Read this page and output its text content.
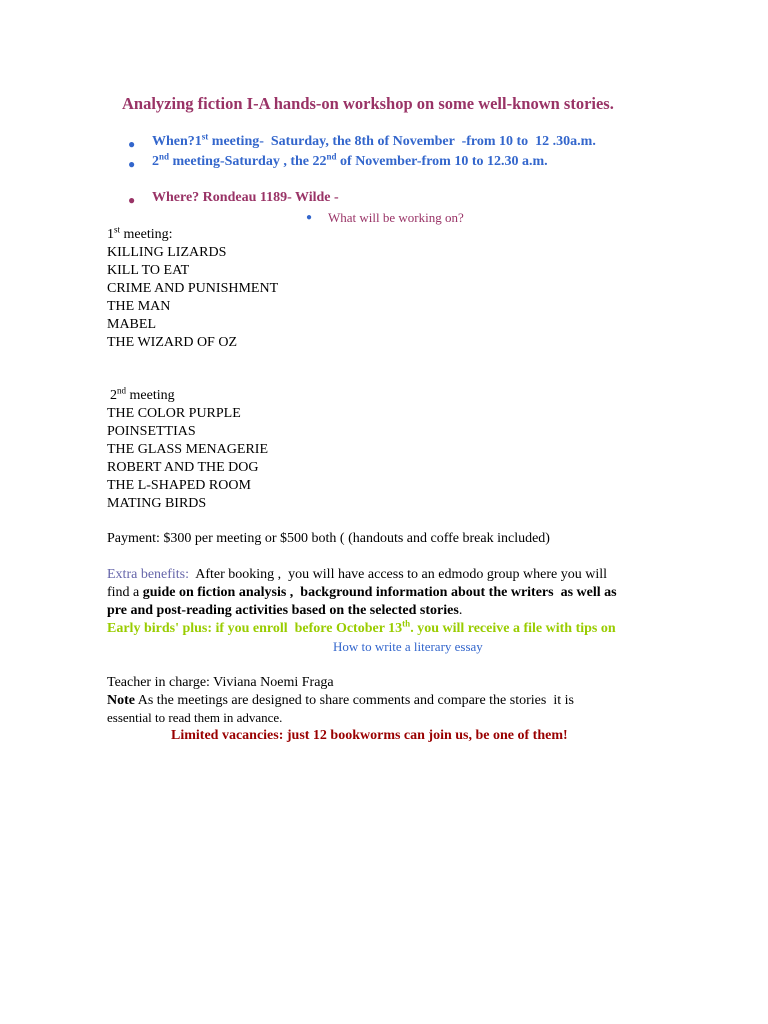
Analyzing fiction I-A hands-on workshop on some well-known stories.
● When?1st meeting-  Saturday, the 8th of November  -from 10 to  12 .30a.m.
● 2nd meeting-Saturday , the 22nd of November-from 10 to 12.30 a.m.
● Where? Rondeau 1189- Wilde -
● What will be working on?
1st meeting:
KILLING LIZARDS
KILL TO EAT
CRIME AND PUNISHMENT
THE MAN
MABEL
THE WIZARD OF OZ
2nd meeting
THE COLOR PURPLE
POINSETTIAS
THE GLASS MENAGERIE
ROBERT AND THE DOG
THE L-SHAPED ROOM
MATING BIRDS
Payment: $300 per meeting or $500 both ( (handouts and coffe break included)
Extra benefits:  After booking ,  you will have access to an edmodo group where you will
find a guide on fiction analysis ,  background information about the writers  as well as
pre and post-reading activities based on the selected stories.
Early birds' plus: if you enroll  before October 13th. you will receive a file with tips on
How to write a literary essay
Teacher in charge: Viviana Noemi Fraga
Note As the meetings are designed to share comments and compare the stories  it is
essential to read them in advance.
Limited vacancies: just 12 bookworms can join us, be one of them!
